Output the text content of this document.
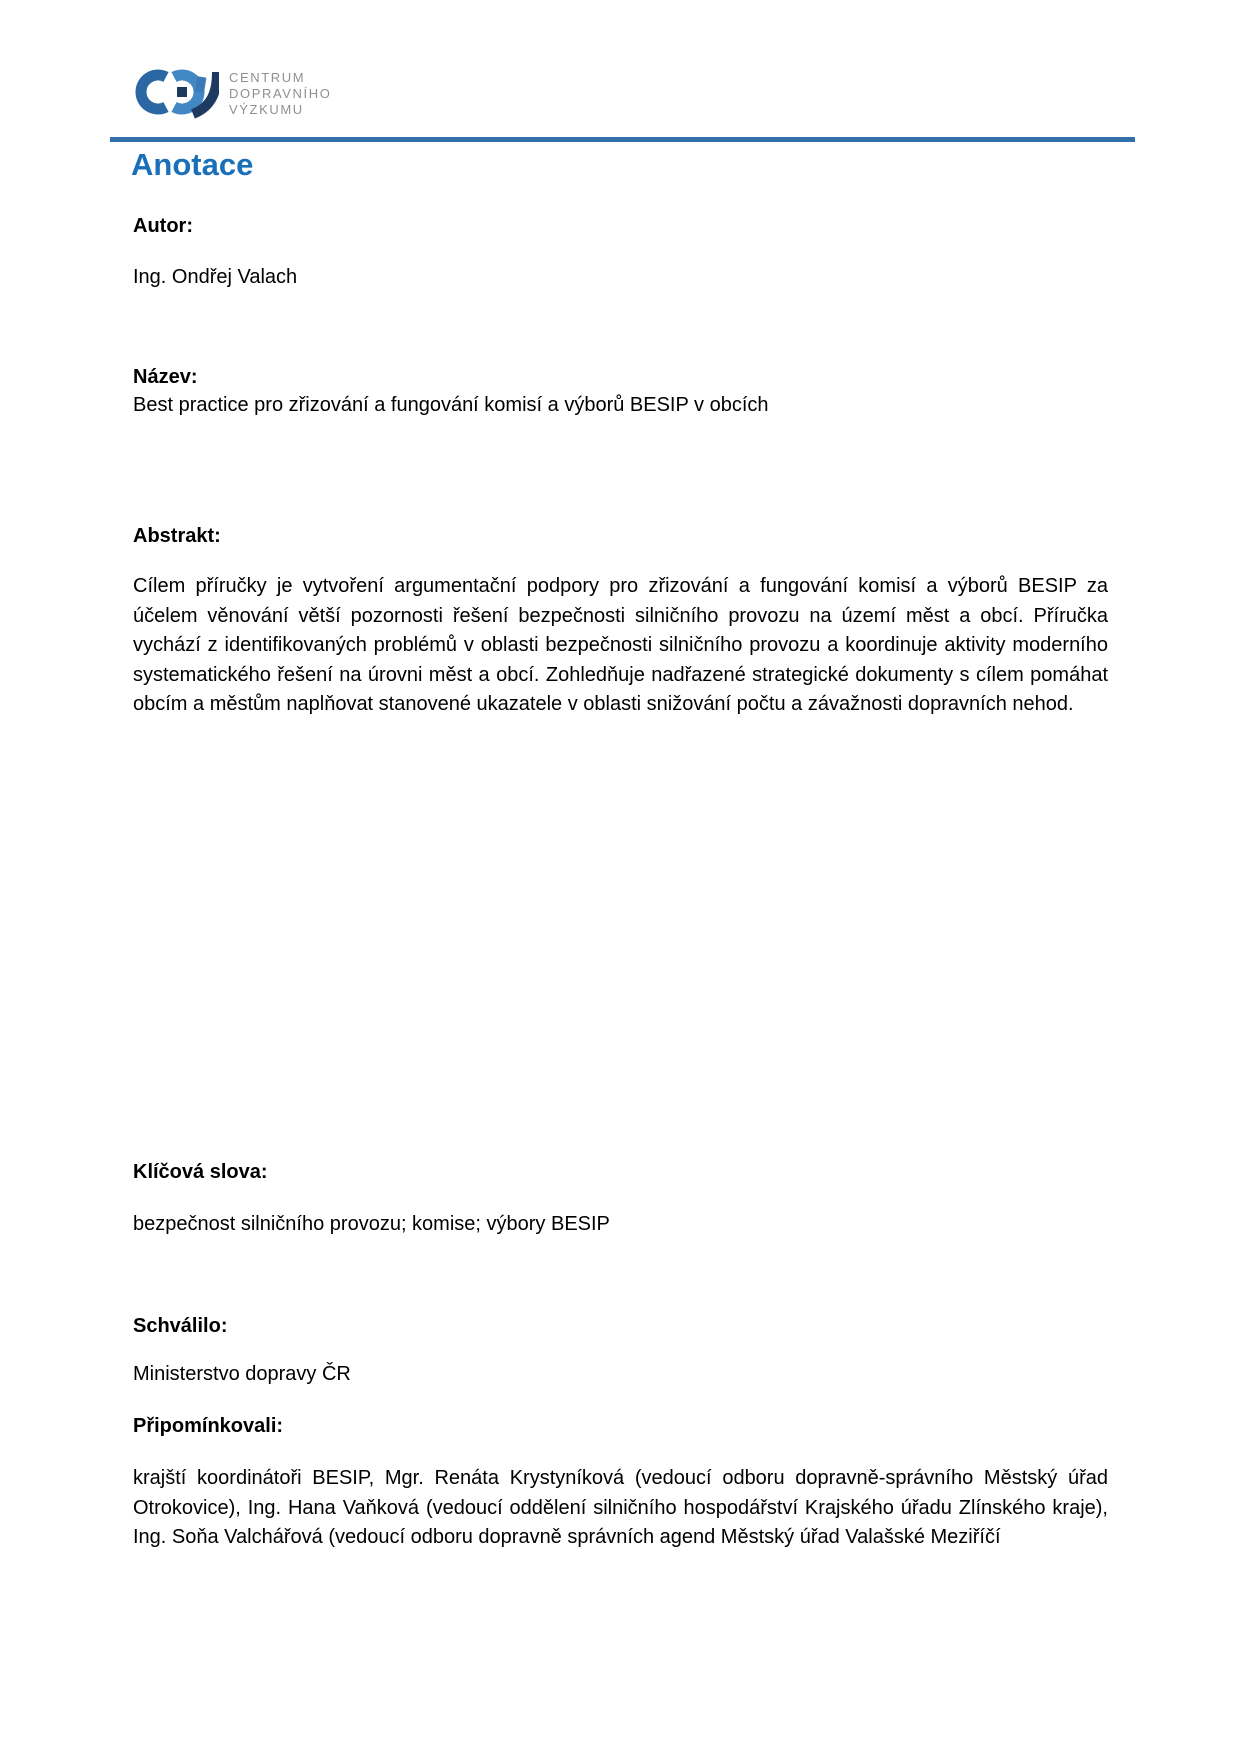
CENTRUM
DOPRAVNÍHO
VÝZKUMU
Anotace

Autor:

Ing. Ondřej Valach

Název:

Best practice pro zřizování a fungování komisí a výborů BESIP v obcích

Abstrakt:

Cílem příručky je vytvoření argumentační podpory pro zřizování a fungování komisí a výborů BESIP za účelem věnování větší pozornosti řešení bezpečnosti silničního provozu na území měst a obcí. Příručka vychází z identifikovaných problémů v oblasti bezpečnosti silničního provozu a koordinuje aktivity moderního systematického řešení na úrovni měst a obcí. Zohledňuje nadřazené strategické dokumenty s cílem pomáhat obcím a městům naplňovat stanovené ukazatele v oblasti snižování počtu a závažnosti dopravních nehod.

Klíčová slova:

bezpečnost silničního provozu; komise; výbory BESIP

Schválilo:

Ministerstvo dopravy ČR

Připomínkovali:

krajští koordinátoři BESIP, Mgr. Renáta Krystyníková (vedoucí odboru dopravně-správního Městský úřad Otrokovice), Ing. Hana Vaňková (vedoucí oddělení silničního hospodářství Krajského úřadu Zlínského kraje), Ing. Soňa Valchářová (vedoucí odboru dopravně správních agend Městský úřad Valašské Meziříčí
